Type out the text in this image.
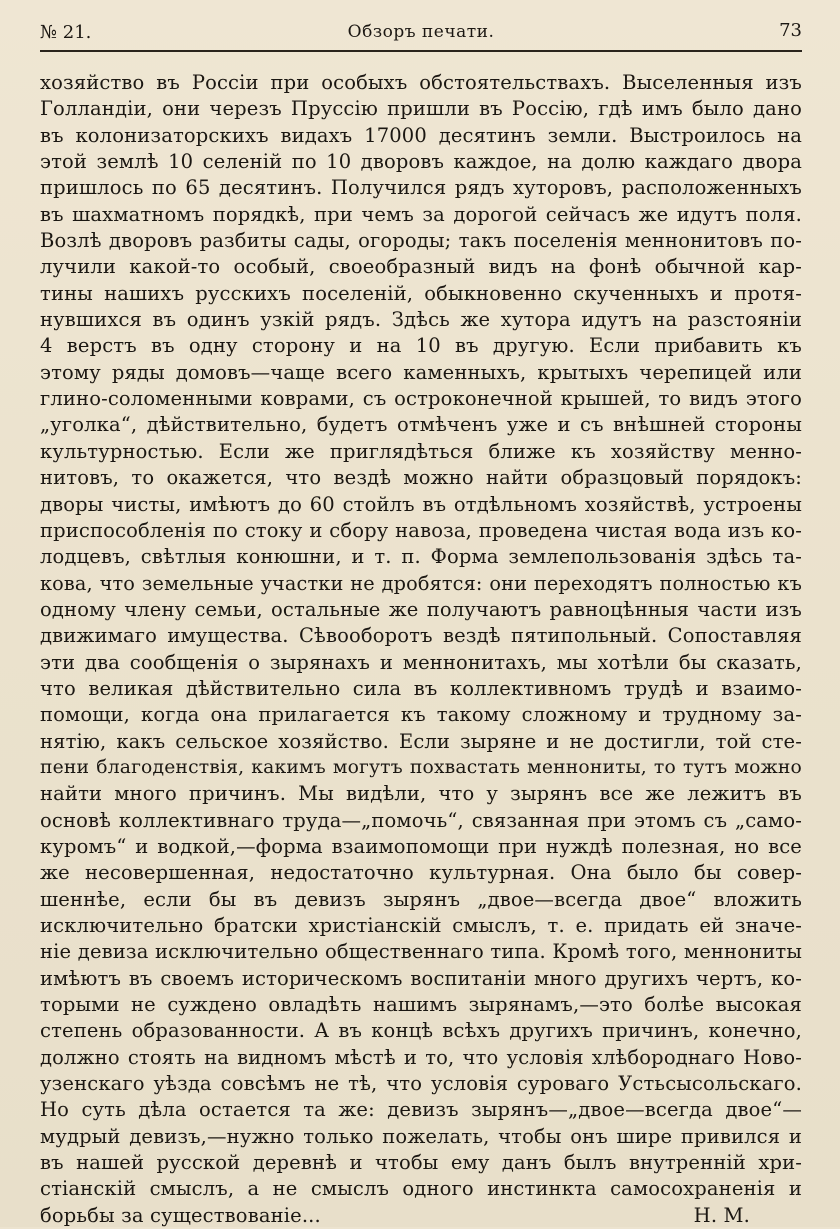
№ 21.	Обзоръ печати.	73
хозяйство въ Россіи при особыхъ обстоятельствахъ. Выселенныя изъ
Голландіи, они черезъ Пруссію пришли въ Россію, гдѣ имъ было дано
въ колонизаторскихъ видахъ 17000 десятинъ земли. Выстроилось на
этой землѣ 10 селеній по 10 дворовъ каждое, на долю каждаго двора
пришлось по 65 десятинъ. Получился рядъ хуторовъ, расположенныхъ
въ шахматномъ порядкѣ, при чемъ за дорогой сейчасъ же идутъ поля.
Возлѣ дворовъ разбиты сады, огороды; такъ поселенія меннонитовъ по-
лучили какой-то особый, своеобразный видъ на фонѣ обычной кар-
тины нашихъ русскихъ поселеній, обыкновенно скученныхъ и протя-
нувшихся въ одинъ узкій рядъ. Здѣсь же хутора идутъ на разстояніи
4 верстъ въ одну сторону и на 10 въ другую. Если прибавить къ
этому ряды домовъ—чаще всего каменныхъ, крытыхъ черепицей или
глино-соломенными коврами, съ остроконечной крышей, то видъ этого
„уголка“, дѣйствительно, будетъ отмѣченъ уже и съ внѣшней стороны
культурностью. Если же приглядѣться ближе къ хозяйству менно-
нитовъ, то окажется, что вездѣ можно найти образцовый порядокъ:
дворы чисты, имѣютъ до 60 стойлъ въ отдѣльномъ хозяйствѣ, устроены
приспособленія по стоку и сбору навоза, проведена чистая вода изъ ко-
лодцевъ, свѣтлыя конюшни, и т. п. Форма землепользованія здѣсь та-
кова, что земельные участки не дробятся: они переходятъ полностью къ
одному члену семьи, остальные же получаютъ равноцѣнныя части изъ
движимаго имущества. Сѣвооборотъ вездѣ пятипольный. Сопоставляя
эти два сообщенія о зырянахъ и меннонитахъ, мы хотѣли бы сказать,
что великая дѣйствительно сила въ коллективномъ трудѣ и взаимо-
помощи, когда она прилагается къ такому сложному и трудному за-
нятію, какъ сельское хозяйство. Если зыряне и не достигли, той сте-
пени благоденствія, какимъ могутъ похвастать меннониты, то тутъ можно
найти много причинъ. Мы видѣли, что у зырянъ все же лежитъ въ
основѣ коллективнаго труда—„помочь“, связанная при этомъ съ „само-
куромъ“ и водкой,—форма взаимопомощи при нуждѣ полезная, но все
же несовершенная, недостаточно культурная. Она было бы совер-
шеннѣе, если бы въ девизъ зырянъ „двое—всегда двое“ вложить
исключительно братски христіанскій смыслъ, т. е. придать ей значе-
ніе девиза исключительно общественнаго типа. Кромѣ того, меннониты
имѣютъ въ своемъ историческомъ воспитаніи много другихъ чертъ, ко-
торыми не суждено овладѣть нашимъ зырянамъ,—это болѣе высокая
степень образованности. А въ концѣ всѣхъ другихъ причинъ, конечно,
должно стоять на видномъ мѣстѣ и то, что условія хлѣбороднаго Ново-
узенскаго уѣзда совсѣмъ не тѣ, что условія суроваго Устьсысольскаго.
Но суть дѣла остается та же: девизъ зырянъ—„двое—всегда двое“—
мудрый девизъ,—нужно только пожелать, чтобы онъ шире привился и
въ нашей русской деревнѣ и чтобы ему данъ былъ внутренній хри-
стіанскій смыслъ, а не смыслъ одного инстинкта самосохраненія и
борьбы за существованіе...	Н. М.
